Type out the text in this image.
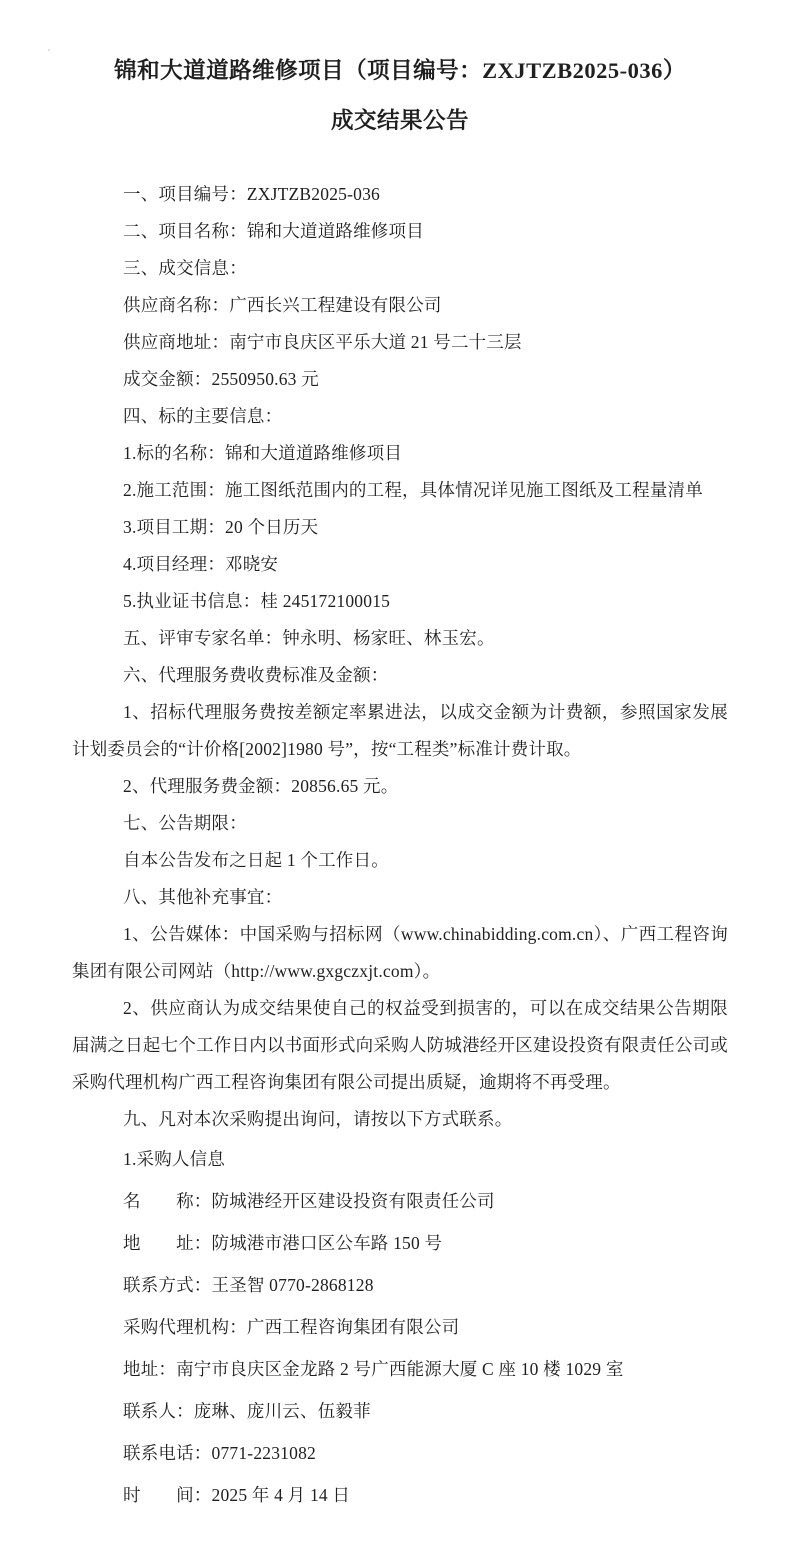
'
锦和大道道路维修项目（项目编号：ZXJTZB2025-036）
成交结果公告

一、项目编号：ZXJTZB2025-036

二、项目名称：锦和大道道路维修项目

三、成交信息：

供应商名称：广西长兴工程建设有限公司

供应商地址：南宁市良庆区平乐大道 21 号二十三层

成交金额：2550950.63 元

四、标的主要信息：

1.标的名称：锦和大道道路维修项目

2.施工范围：施工图纸范围内的工程，具体情况详见施工图纸及工程量清单

3.项目工期：20 个日历天

4.项目经理：邓晓安

5.执业证书信息：桂 245172100015

五、评审专家名单：钟永明、杨家旺、林玉宏。

六、代理服务费收费标准及金额：

1、招标代理服务费按差额定率累进法，以成交金额为计费额，参照国家发展计划委员会的“计价格[2002]1980 号”，按“工程类”标准计费计取。

2、代理服务费金额：20856.65 元。

七、公告期限：

自本公告发布之日起 1 个工作日。

八、其他补充事宜：

1、公告媒体：中国采购与招标网（www.chinabidding.com.cn）、广西工程咨询集团有限公司网站（http://www.gxgczxjt.com）。

2、供应商认为成交结果使自己的权益受到损害的，可以在成交结果公告期限届满之日起七个工作日内以书面形式向采购人防城港经开区建设投资有限责任公司或采购代理机构广西工程咨询集团有限公司提出质疑，逾期将不再受理。

九、凡对本次采购提出询问，请按以下方式联系。

1.采购人信息

名　　称：防城港经开区建设投资有限责任公司

地　　址：防城港市港口区公车路 150 号

联系方式：王圣智 0770-2868128

采购代理机构：广西工程咨询集团有限公司

地址：南宁市良庆区金龙路 2 号广西能源大厦 C 座 10 楼 1029 室

联系人：庞琳、庞川云、伍毅菲

联系电话：0771-2231082

时　　间：2025 年 4 月 14 日
